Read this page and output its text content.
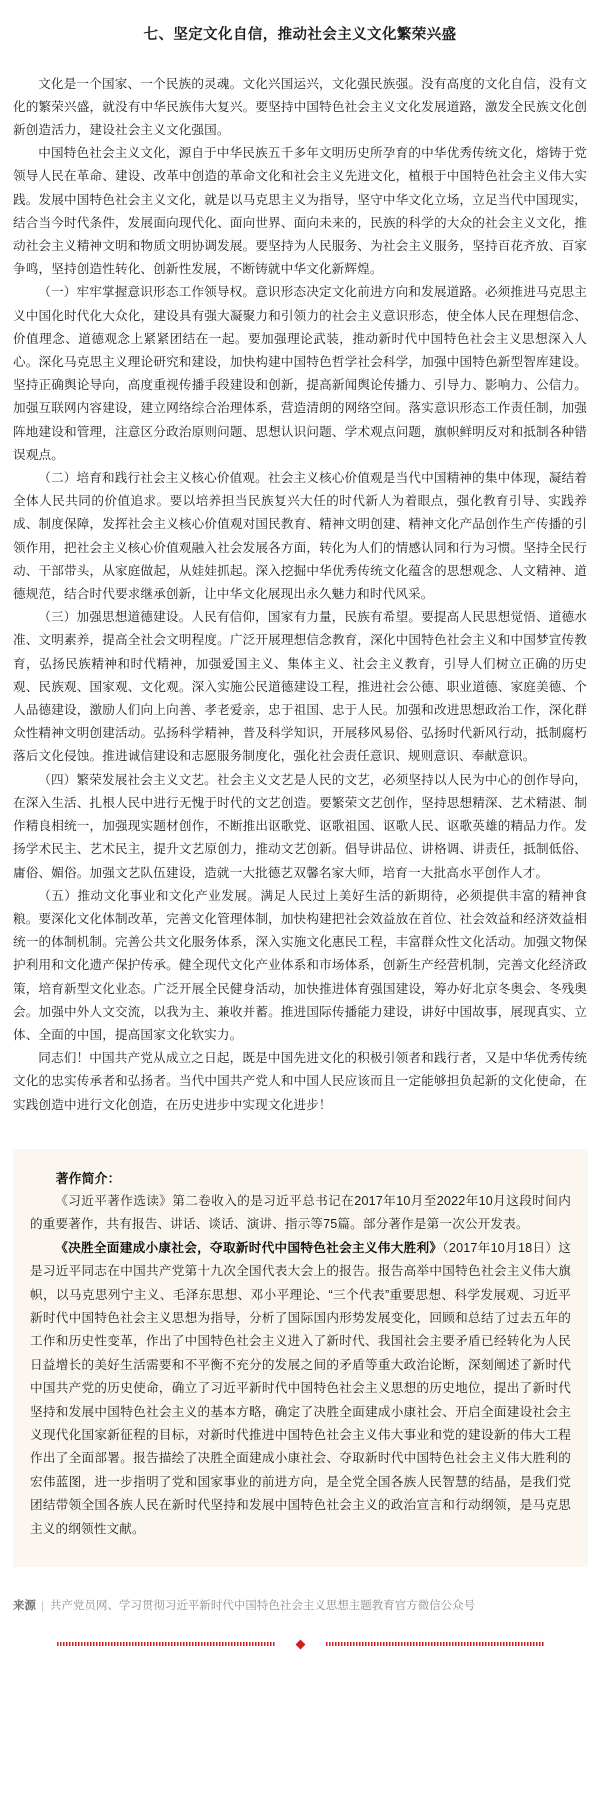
七、坚定文化自信，推动社会主义文化繁荣兴盛

文化是一个国家、一个民族的灵魂。文化兴国运兴，文化强民族强。没有高度的文化自信，没有文化的繁荣兴盛，就没有中华民族伟大复兴。要坚持中国特色社会主义文化发展道路，激发全民族文化创新创造活力，建设社会主义文化强国。

中国特色社会主义文化，源自于中华民族五千多年文明历史所孕育的中华优秀传统文化，熔铸于党领导人民在革命、建设、改革中创造的革命文化和社会主义先进文化，植根于中国特色社会主义伟大实践。发展中国特色社会主义文化，就是以马克思主义为指导，坚守中华文化立场，立足当代中国现实，结合当今时代条件，发展面向现代化、面向世界、面向未来的，民族的科学的大众的社会主义文化，推动社会主义精神文明和物质文明协调发展。要坚持为人民服务、为社会主义服务，坚持百花齐放、百家争鸣，坚持创造性转化、创新性发展，不断铸就中华文化新辉煌。

（一）牢牢掌握意识形态工作领导权。意识形态决定文化前进方向和发展道路。必须推进马克思主义中国化时代化大众化，建设具有强大凝聚力和引领力的社会主义意识形态，使全体人民在理想信念、价值理念、道德观念上紧紧团结在一起。要加强理论武装，推动新时代中国特色社会主义思想深入人心。深化马克思主义理论研究和建设，加快构建中国特色哲学社会科学，加强中国特色新型智库建设。坚持正确舆论导向，高度重视传播手段建设和创新，提高新闻舆论传播力、引导力、影响力、公信力。加强互联网内容建设，建立网络综合治理体系，营造清朗的网络空间。落实意识形态工作责任制，加强阵地建设和管理，注意区分政治原则问题、思想认识问题、学术观点问题，旗帜鲜明反对和抵制各种错误观点。

（二）培育和践行社会主义核心价值观。社会主义核心价值观是当代中国精神的集中体现，凝结着全体人民共同的价值追求。要以培养担当民族复兴大任的时代新人为着眼点，强化教育引导、实践养成、制度保障，发挥社会主义核心价值观对国民教育、精神文明创建、精神文化产品创作生产传播的引领作用，把社会主义核心价值观融入社会发展各方面，转化为人们的情感认同和行为习惯。坚持全民行动、干部带头，从家庭做起，从娃娃抓起。深入挖掘中华优秀传统文化蕴含的思想观念、人文精神、道德规范，结合时代要求继承创新，让中华文化展现出永久魅力和时代风采。

（三）加强思想道德建设。人民有信仰，国家有力量，民族有希望。要提高人民思想觉悟、道德水准、文明素养，提高全社会文明程度。广泛开展理想信念教育，深化中国特色社会主义和中国梦宣传教育，弘扬民族精神和时代精神，加强爱国主义、集体主义、社会主义教育，引导人们树立正确的历史观、民族观、国家观、文化观。深入实施公民道德建设工程，推进社会公德、职业道德、家庭美德、个人品德建设，激励人们向上向善、孝老爱亲，忠于祖国、忠于人民。加强和改进思想政治工作，深化群众性精神文明创建活动。弘扬科学精神，普及科学知识，开展移风易俗、弘扬时代新风行动，抵制腐朽落后文化侵蚀。推进诚信建设和志愿服务制度化，强化社会责任意识、规则意识、奉献意识。

（四）繁荣发展社会主义文艺。社会主义文艺是人民的文艺，必须坚持以人民为中心的创作导向，在深入生活、扎根人民中进行无愧于时代的文艺创造。要繁荣文艺创作，坚持思想精深、艺术精湛、制作精良相统一，加强现实题材创作，不断推出讴歌党、讴歌祖国、讴歌人民、讴歌英雄的精品力作。发扬学术民主、艺术民主，提升文艺原创力，推动文艺创新。倡导讲品位、讲格调、讲责任，抵制低俗、庸俗、媚俗。加强文艺队伍建设，造就一大批德艺双馨名家大师，培育一大批高水平创作人才。

（五）推动文化事业和文化产业发展。满足人民过上美好生活的新期待，必须提供丰富的精神食粮。要深化文化体制改革，完善文化管理体制，加快构建把社会效益放在首位、社会效益和经济效益相统一的体制机制。完善公共文化服务体系，深入实施文化惠民工程，丰富群众性文化活动。加强文物保护利用和文化遗产保护传承。健全现代文化产业体系和市场体系，创新生产经营机制，完善文化经济政策，培育新型文化业态。广泛开展全民健身活动，加快推进体育强国建设，筹办好北京冬奥会、冬残奥会。加强中外人文交流，以我为主、兼收并蓄。推进国际传播能力建设，讲好中国故事，展现真实、立体、全面的中国，提高国家文化软实力。

同志们！中国共产党从成立之日起，既是中国先进文化的积极引领者和践行者，又是中华优秀传统文化的忠实传承者和弘扬者。当代中国共产党人和中国人民应该而且一定能够担负起新的文化使命，在实践创造中进行文化创造，在历史进步中实现文化进步！

著作简介：

《习近平著作选读》第二卷收入的是习近平总书记在2017年10月至2022年10月这段时间内的重要著作，共有报告、讲话、谈话、演讲、指示等75篇。部分著作是第一次公开发表。

《决胜全面建成小康社会，夺取新时代中国特色社会主义伟大胜利》（2017年10月18日）这是习近平同志在中国共产党第十九次全国代表大会上的报告。报告高举中国特色社会主义伟大旗帜，以马克思列宁主义、毛泽东思想、邓小平理论、“三个代表”重要思想、科学发展观、习近平新时代中国特色社会主义思想为指导，分析了国际国内形势发展变化，回顾和总结了过去五年的工作和历史性变革，作出了中国特色社会主义进入了新时代、我国社会主要矛盾已经转化为人民日益增长的美好生活需要和不平衡不充分的发展之间的矛盾等重大政治论断，深刻阐述了新时代中国共产党的历史使命，确立了习近平新时代中国特色社会主义思想的历史地位，提出了新时代坚持和发展中国特色社会主义的基本方略，确定了决胜全面建成小康社会、开启全面建设社会主义现代化国家新征程的目标，对新时代推进中国特色社会主义伟大事业和党的建设新的伟大工程作出了全面部署。报告描绘了决胜全面建成小康社会、夺取新时代中国特色社会主义伟大胜利的宏伟蓝图，进一步指明了党和国家事业的前进方向，是全党全国各族人民智慧的结晶，是我们党团结带领全国各族人民在新时代坚持和发展中国特色社会主义的政治宣言和行动纲领，是马克思主义的纲领性文献。

来源 | 共产党员网、学习贯彻习近平新时代中国特色社会主义思想主题教育官方微信公众号
